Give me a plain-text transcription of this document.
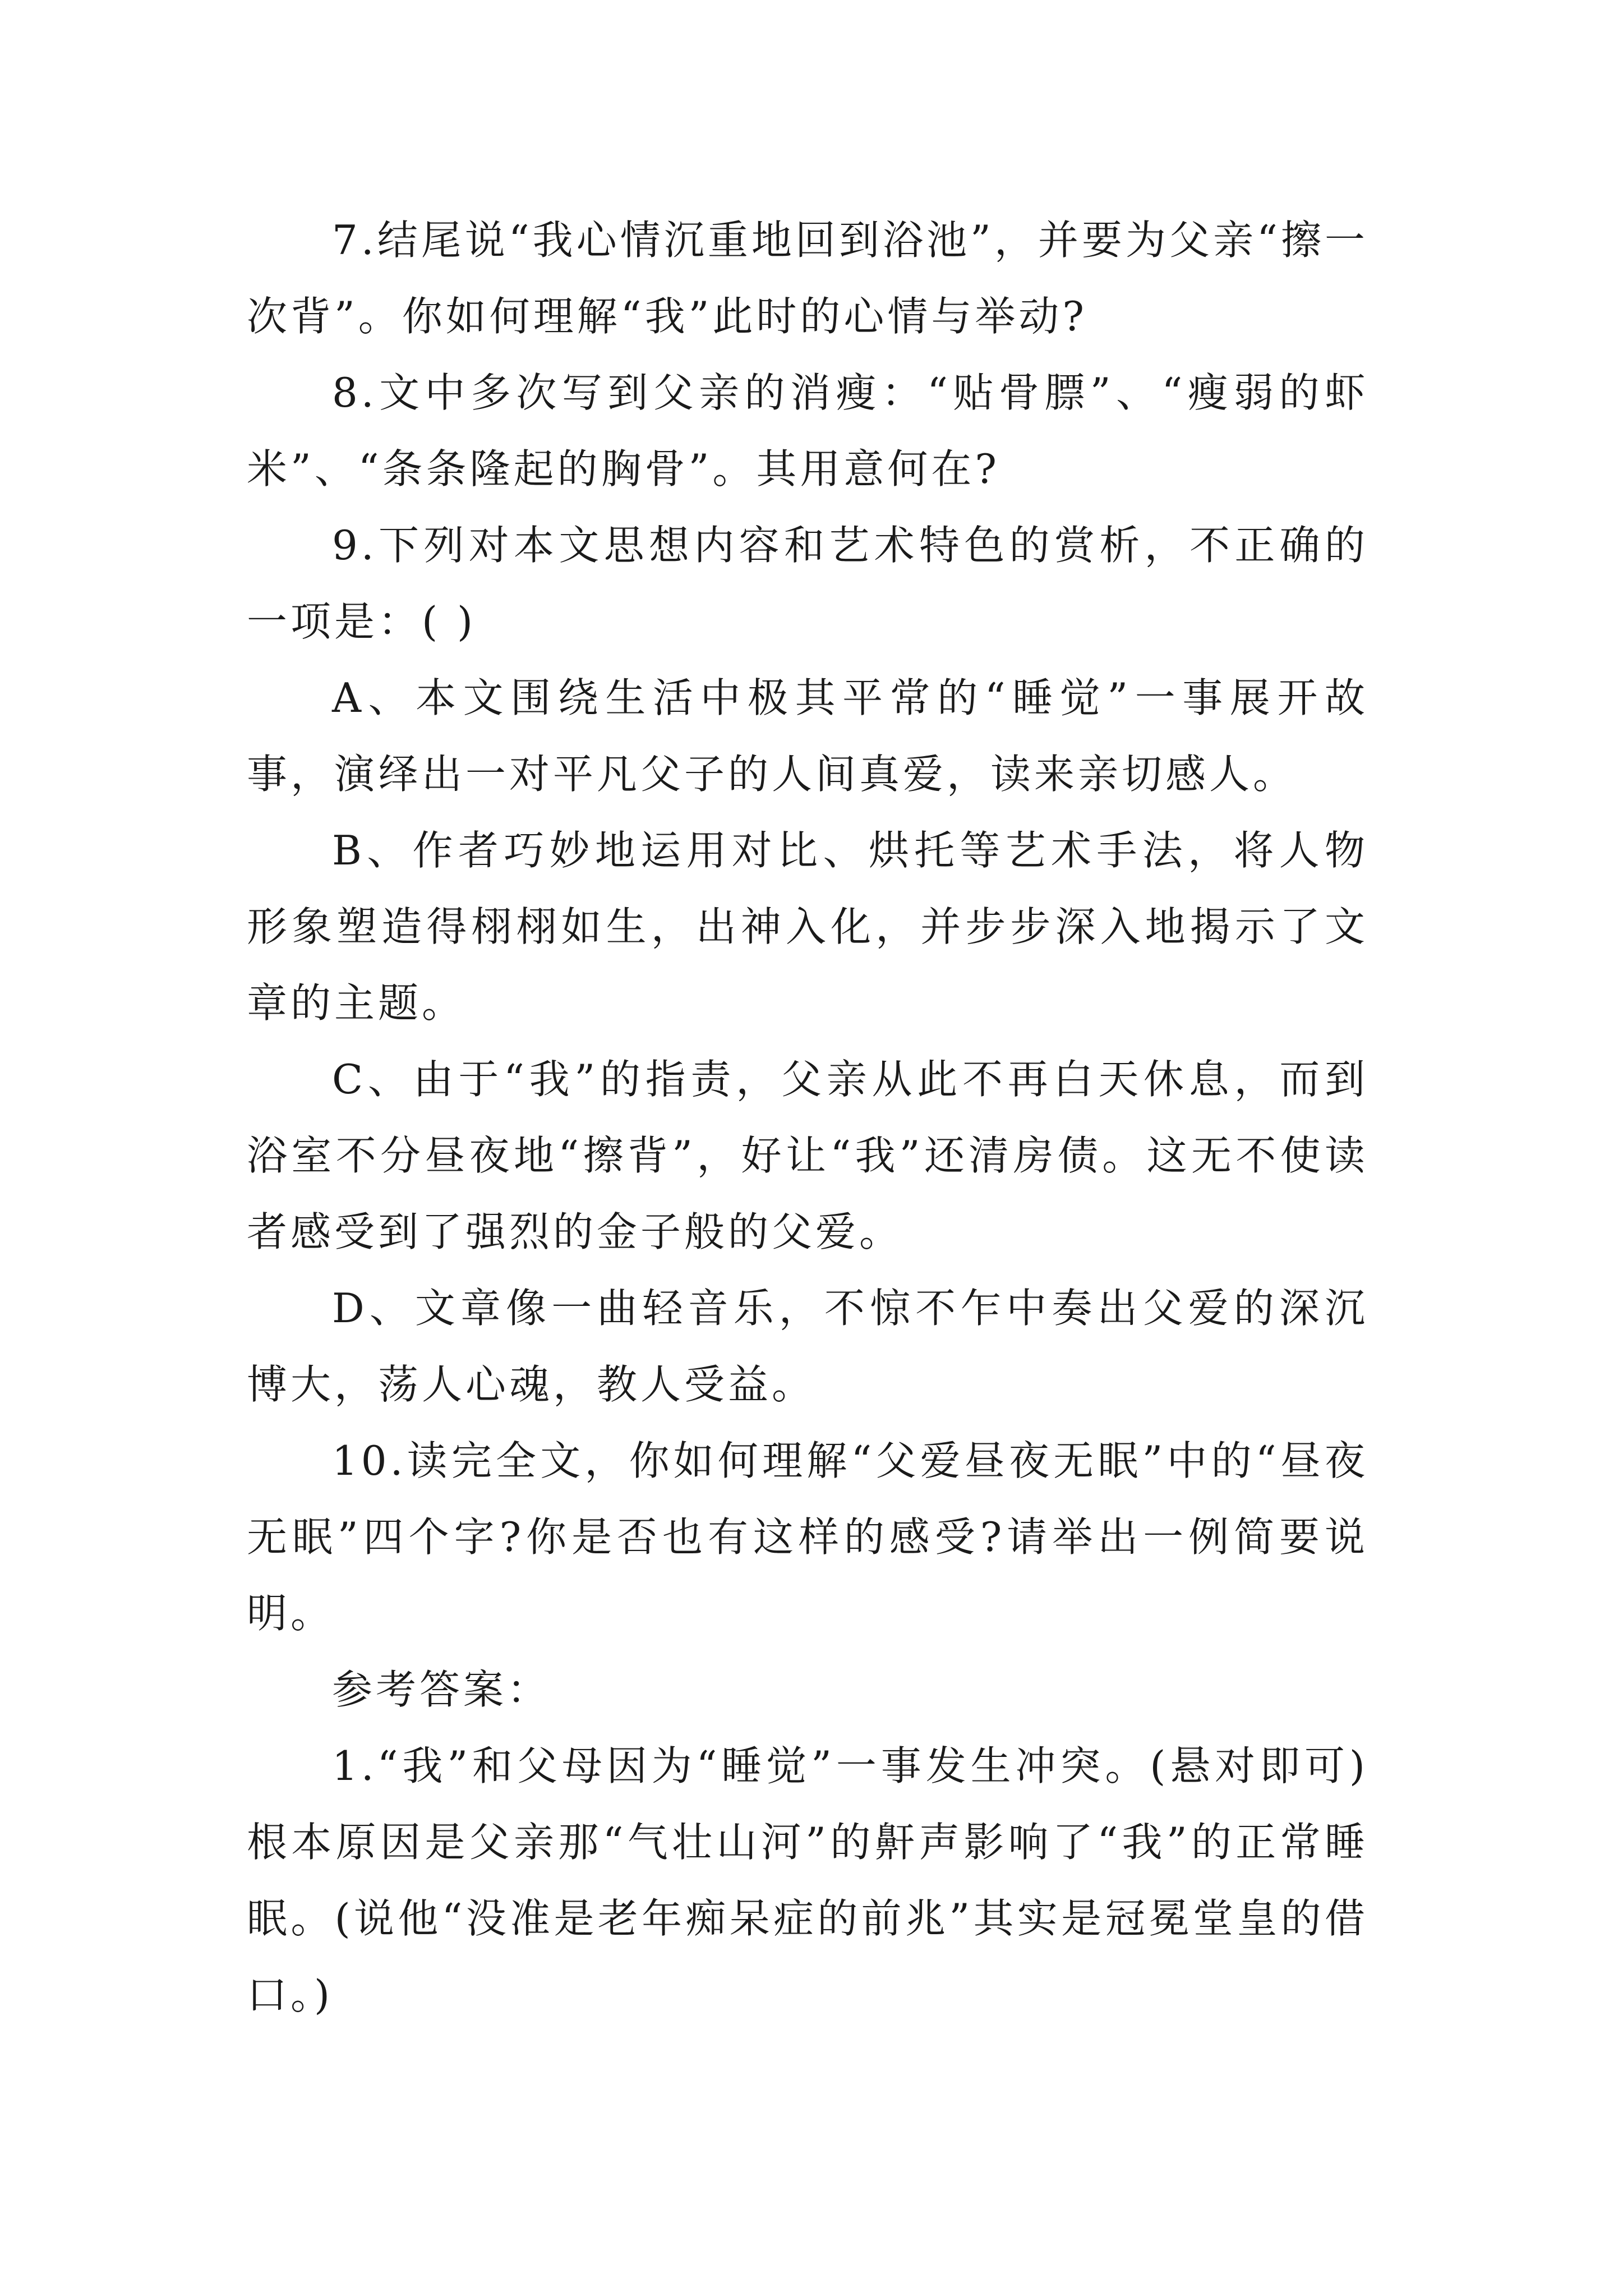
7.结尾说“我心情沉重地回到浴池”，并要为父亲“擦一次背”。你如何理解“我”此时的心情与举动?

8.文中多次写到父亲的消瘦：“贴骨膘”、“瘦弱的虾米”、“条条隆起的胸骨”。其用意何在?

9.下列对本文思想内容和艺术特色的赏析，不正确的一项是：( )

A、本文围绕生活中极其平常的“睡觉”一事展开故事，演绎出一对平凡父子的人间真爱，读来亲切感人。

B、作者巧妙地运用对比、烘托等艺术手法，将人物形象塑造得栩栩如生，出神入化，并步步深入地揭示了文章的主题。

C、由于“我”的指责，父亲从此不再白天休息，而到浴室不分昼夜地“擦背”，好让“我”还清房债。这无不使读者感受到了强烈的金子般的父爱。

D、文章像一曲轻音乐，不惊不乍中奏出父爱的深沉博大，荡人心魂，教人受益。

10.读完全文，你如何理解“父爱昼夜无眠”中的“昼夜无眠”四个字?你是否也有这样的感受?请举出一例简要说明。

参考答案：

1.“我”和父母因为“睡觉”一事发生冲突。(悬对即可) 根本原因是父亲那“气壮山河”的鼾声影响了“我”的正常睡眠。(说他“没准是老年痴呆症的前兆”其实是冠冕堂皇的借口。)
